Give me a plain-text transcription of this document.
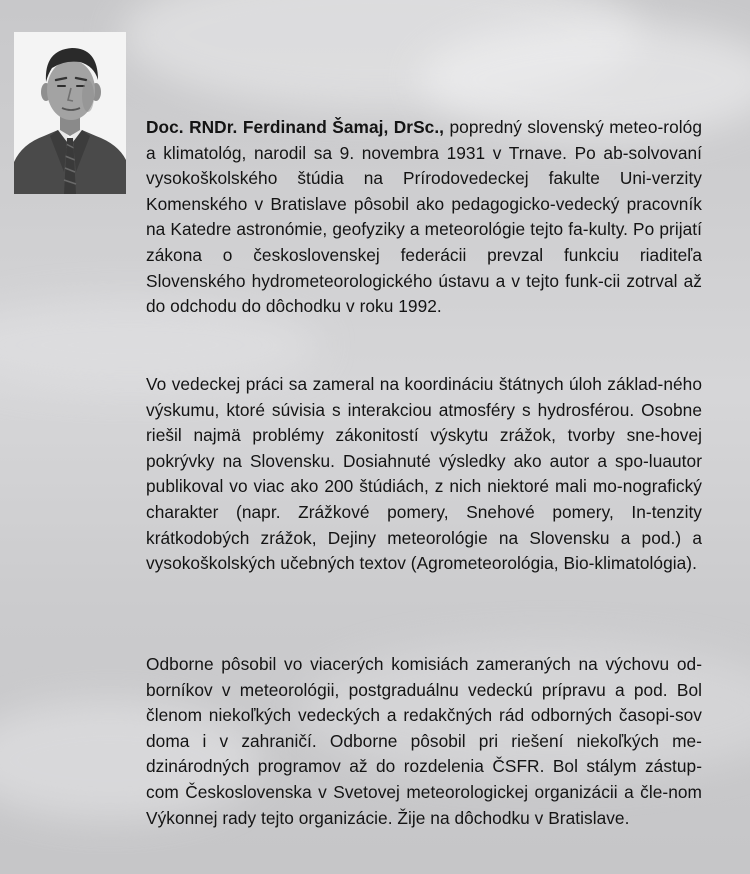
Doc. RNDr. Ferdinand Šamaj, DrSc., popredný slovenský meteo-rológ a klimatológ, narodil sa 9. novembra 1931 v Trnave. Po ab-solvovaní vysokoškolského štúdia na Prírodovedeckej fakulte Uni-verzity Komenského v Bratislave pôsobil ako pedagogicko-vedecký pracovník na Katedre astronómie, geofyziky a meteorológie tejto fa-kulty. Po prijatí zákona o československej federácii prevzal funkciu riaditeľa Slovenského hydrometeorologického ústavu a v tejto funk-cii zotrval až do odchodu do dôchodku v roku 1992.
Vo vedeckej práci sa zameral na koordináciu štátnych úloh základ-ného výskumu, ktoré súvisia s interakciou atmosféry s hydrosférou. Osobne riešil najmä problémy zákonitostí výskytu zrážok, tvorby sne-hovej pokrývky na Slovensku. Dosiahnuté výsledky ako autor a spo-luautor publikoval vo viac ako 200 štúdiách, z nich niektoré mali mo-nografický charakter (napr. Zrážkové pomery, Snehové pomery, In-tenzity krátkodobých zrážok, Dejiny meteorológie na Slovensku a pod.) a vysokoškolských učebných textov (Agrometeorológia, Bio-klimatológia).
Odborne pôsobil vo viacerých komisiách zameraných na výchovu od-borníkov v meteorológii, postgraduálnu vedeckú prípravu a pod. Bol členom niekoľkých vedeckých a redakčných rád odborných časopi-sov doma i v zahraničí. Odborne pôsobil pri riešení niekoľkých me-dzinárodných programov až do rozdelenia ČSFR. Bol stálym zástup-com Československa v Svetovej meteorologickej organizácii a čle-nom Výkonnej rady tejto organizácie. Žije na dôchodku v Bratislave.
